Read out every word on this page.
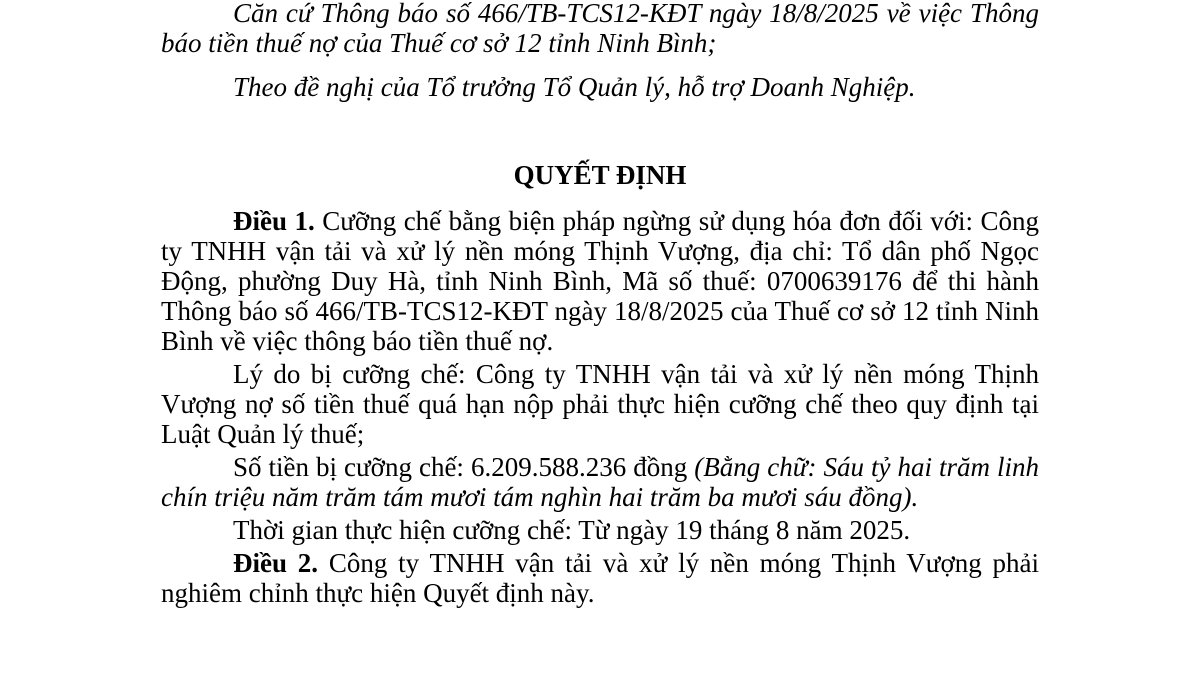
Căn cứ Thông báo số 466/TB-TCS12-KĐT ngày 18/8/2025 về việc Thông báo tiền thuế nợ của Thuế cơ sở 12 tỉnh Ninh Bình;

Theo đề nghị của Tổ trưởng Tổ Quản lý, hỗ trợ Doanh Nghiệp.

QUYẾT ĐỊNH

Điều 1. Cưỡng chế bằng biện pháp ngừng sử dụng hóa đơn đối với: Công ty TNHH vận tải và xử lý nền móng Thịnh Vượng, địa chỉ: Tổ dân phố Ngọc Động, phường Duy Hà, tỉnh Ninh Bình, Mã số thuế: 0700639176 để thi hành Thông báo số 466/TB-TCS12-KĐT ngày 18/8/2025 của Thuế cơ sở 12 tỉnh Ninh Bình về việc thông báo tiền thuế nợ.

Lý do bị cưỡng chế: Công ty TNHH vận tải và xử lý nền móng Thịnh Vượng nợ số tiền thuế quá hạn nộp phải thực hiện cưỡng chế theo quy định tại Luật Quản lý thuế;

Số tiền bị cưỡng chế: 6.209.588.236 đồng (Bằng chữ: Sáu tỷ hai trăm linh chín triệu năm trăm tám mươi tám nghìn hai trăm ba mươi sáu đồng).

Thời gian thực hiện cưỡng chế: Từ ngày 19 tháng 8 năm 2025.

Điều 2. Công ty TNHH vận tải và xử lý nền móng Thịnh Vượng phải nghiêm chỉnh thực hiện Quyết định này.
